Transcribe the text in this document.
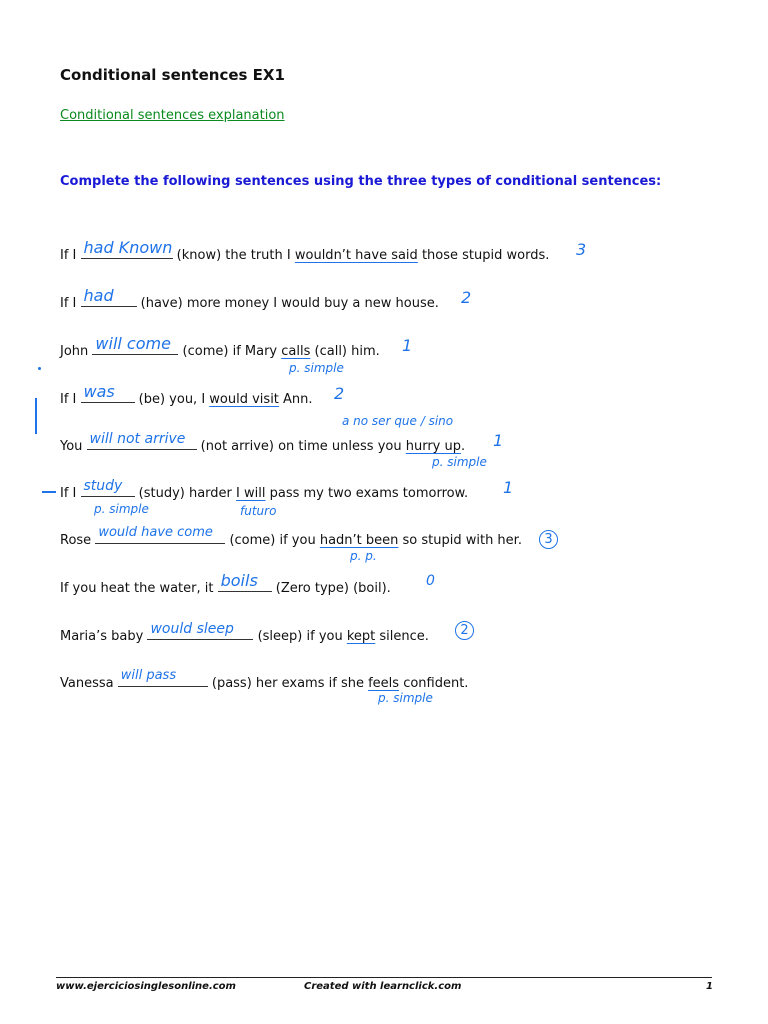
Conditional sentences EX1
Conditional sentences explanation
Complete the following sentences using the three types of conditional sentences:
If I had Known (know) the truth I wouldn’t have said those stupid words. 3
If I had (have) more money I would buy a new house. 2
John will come (come) if Mary calls (call) him. 1
p. simple
If I was (be) you, I would visit Ann. 2
a no ser que / sino
You will not arrive (not arrive) on time unless you hurry up. 1
p. simple
If I study (study) harder I will pass my two exams tomorrow. 1
p. simple	futuro
Rose
would have come
(come) if you hadn’t been so stupid with her.	3
p. p.
If you heat the water, it boils (Zero type) (boil).	0
Maria’s baby would sleep (sleep) if you kept silence.	2
Vanessa
will pass
(pass) her exams if she feels confident.
p. simple
www.ejerciciosinglesonline.com	Created with learnclick.com	1
